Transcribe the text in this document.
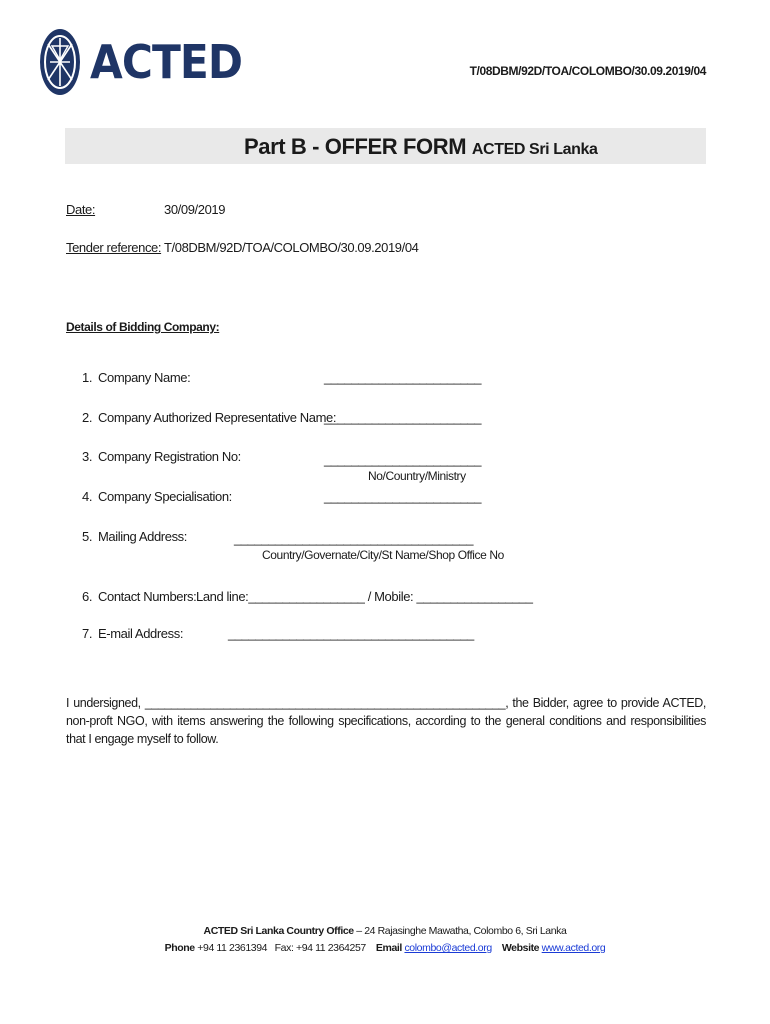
ACTED	T/08DBM/92D/TOA/COLOMBO/30.09.2019/04
Part B - OFFER FORM ACTED Sri Lanka
Date:	30/09/2019
Tender reference: T/08DBM/92D/TOA/COLOMBO/30.09.2019/04
Details of Bidding Company:
1. Company Name:	_______________________
2. Company Authorized Representative Name:
_______________________
3. Company Registration No:	_______________________
No/Country/Ministry
4. Company Specialisation:	_______________________
5. Mailing Address:	___________________________________
Country/Governate/City/St Name/Shop Office No
6. Contact Numbers: Land line:_________________ / Mobile: _________________
7. E-mail Address:	____________________________________
I undersigned, _______________________________________________________, the Bidder, agree to provide ACTED, non-proft NGO, with items answering the following specifications, according to the general conditions and responsibilities that I engage myself to follow.
ACTED Sri Lanka Country Office – 24 Rajasinghe Mawatha, Colombo 6, Sri Lanka
Phone +94 11 2361394 Fax: +94 11 2364257 Email colombo@acted.org Website www.acted.org
